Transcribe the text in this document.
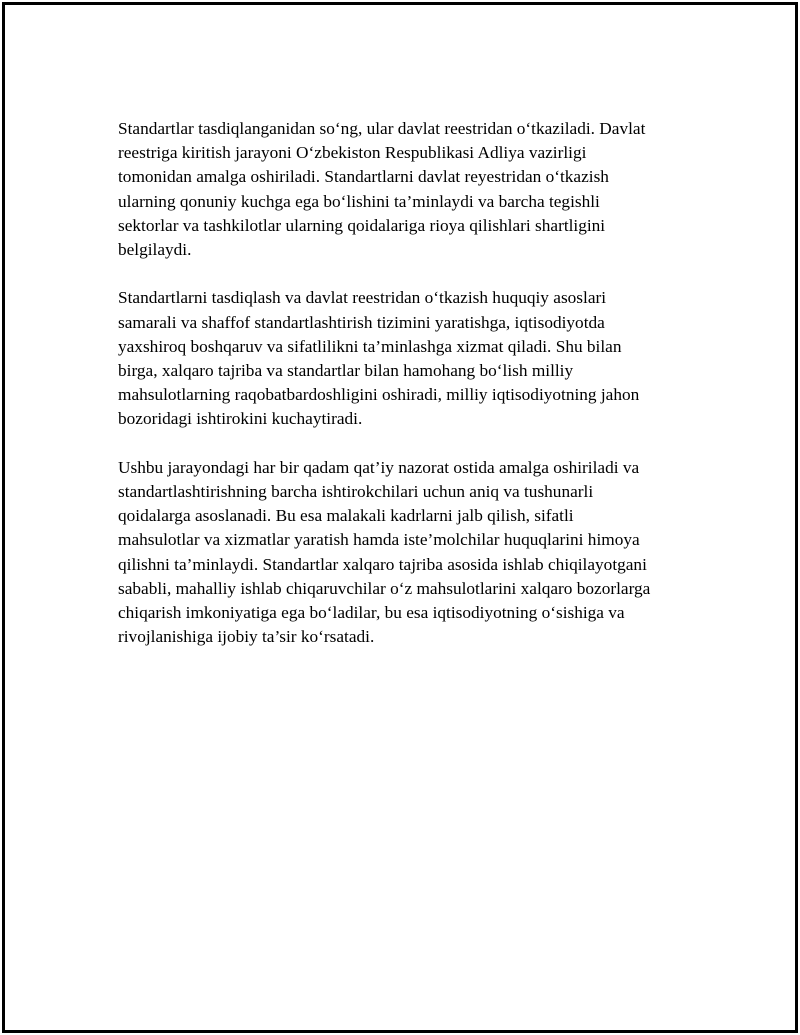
Standartlar tasdiqlanganidan so‘ng, ular davlat reestridan o‘tkaziladi. Davlat
reestriga kiritish jarayoni O‘zbekiston Respublikasi Adliya vazirligi
tomonidan amalga oshiriladi. Standartlarni davlat reyestridan o‘tkazish
ularning qonuniy kuchga ega bo‘lishini ta’minlaydi va barcha tegishli
sektorlar va tashkilotlar ularning qoidalariga rioya qilishlari shartligini
belgilaydi.

Standartlarni tasdiqlash va davlat reestridan o‘tkazish huquqiy asoslari
samarali va shaffof standartlashtirish tizimini yaratishga, iqtisodiyotda
yaxshiroq boshqaruv va sifatlilikni ta’minlashga xizmat qiladi. Shu bilan
birga, xalqaro tajriba va standartlar bilan hamohang bo‘lish milliy
mahsulotlarning raqobatbardoshligini oshiradi, milliy iqtisodiyotning jahon
bozoridagi ishtirokini kuchaytiradi.

Ushbu jarayondagi har bir qadam qat’iy nazorat ostida amalga oshiriladi va
standartlashtirishning barcha ishtirokchilari uchun aniq va tushunarli
qoidalarga asoslanadi. Bu esa malakali kadrlarni jalb qilish, sifatli
mahsulotlar va xizmatlar yaratish hamda iste’molchilar huquqlarini himoya
qilishni ta’minlaydi. Standartlar xalqaro tajriba asosida ishlab chiqilayotgani
sababli, mahalliy ishlab chiqaruvchilar o‘z mahsulotlarini xalqaro bozorlarga
chiqarish imkoniyatiga ega bo‘ladilar, bu esa iqtisodiyotning o‘sishiga va
rivojlanishiga ijobiy ta’sir ko‘rsatadi.
